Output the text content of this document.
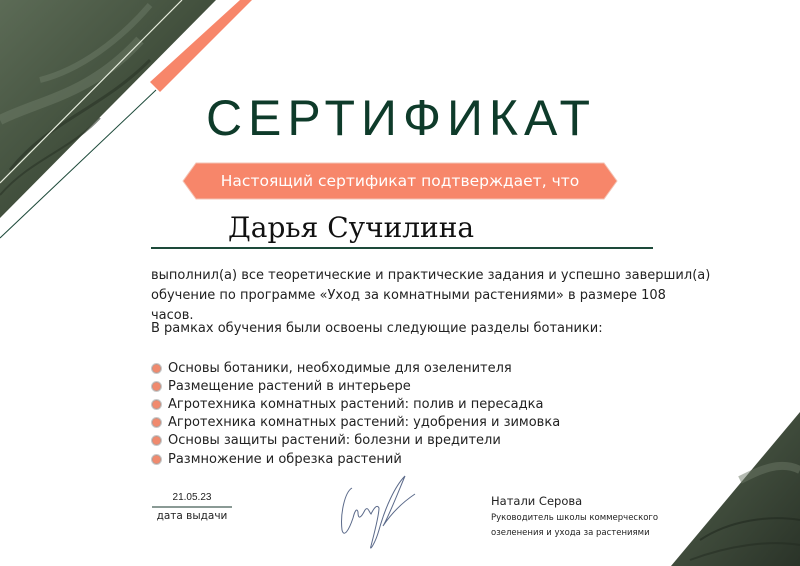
СЕРТИФИКАТ
Настоящий сертификат подтверждает, что
Дарья Сучилина
выполнил(а) все теоретические и практические задания и успешно завершил(а) обучение по программе «Уход за комнатными растениями» в размере 108 часов.
В рамках обучения были освоены следующие разделы ботаники:
Основы ботаники, необходимые для озеленителя
Размещение растений в интерьере
Агротехника комнатных растений: полив и пересадка
Агротехника комнатных растений: удобрения и зимовка
Основы защиты растений: болезни и вредители
Размножение и обрезка растений
21.05.23
дата выдачи
Натали Серова
Руководитель школы коммерческого озеленения и ухода за растениями
